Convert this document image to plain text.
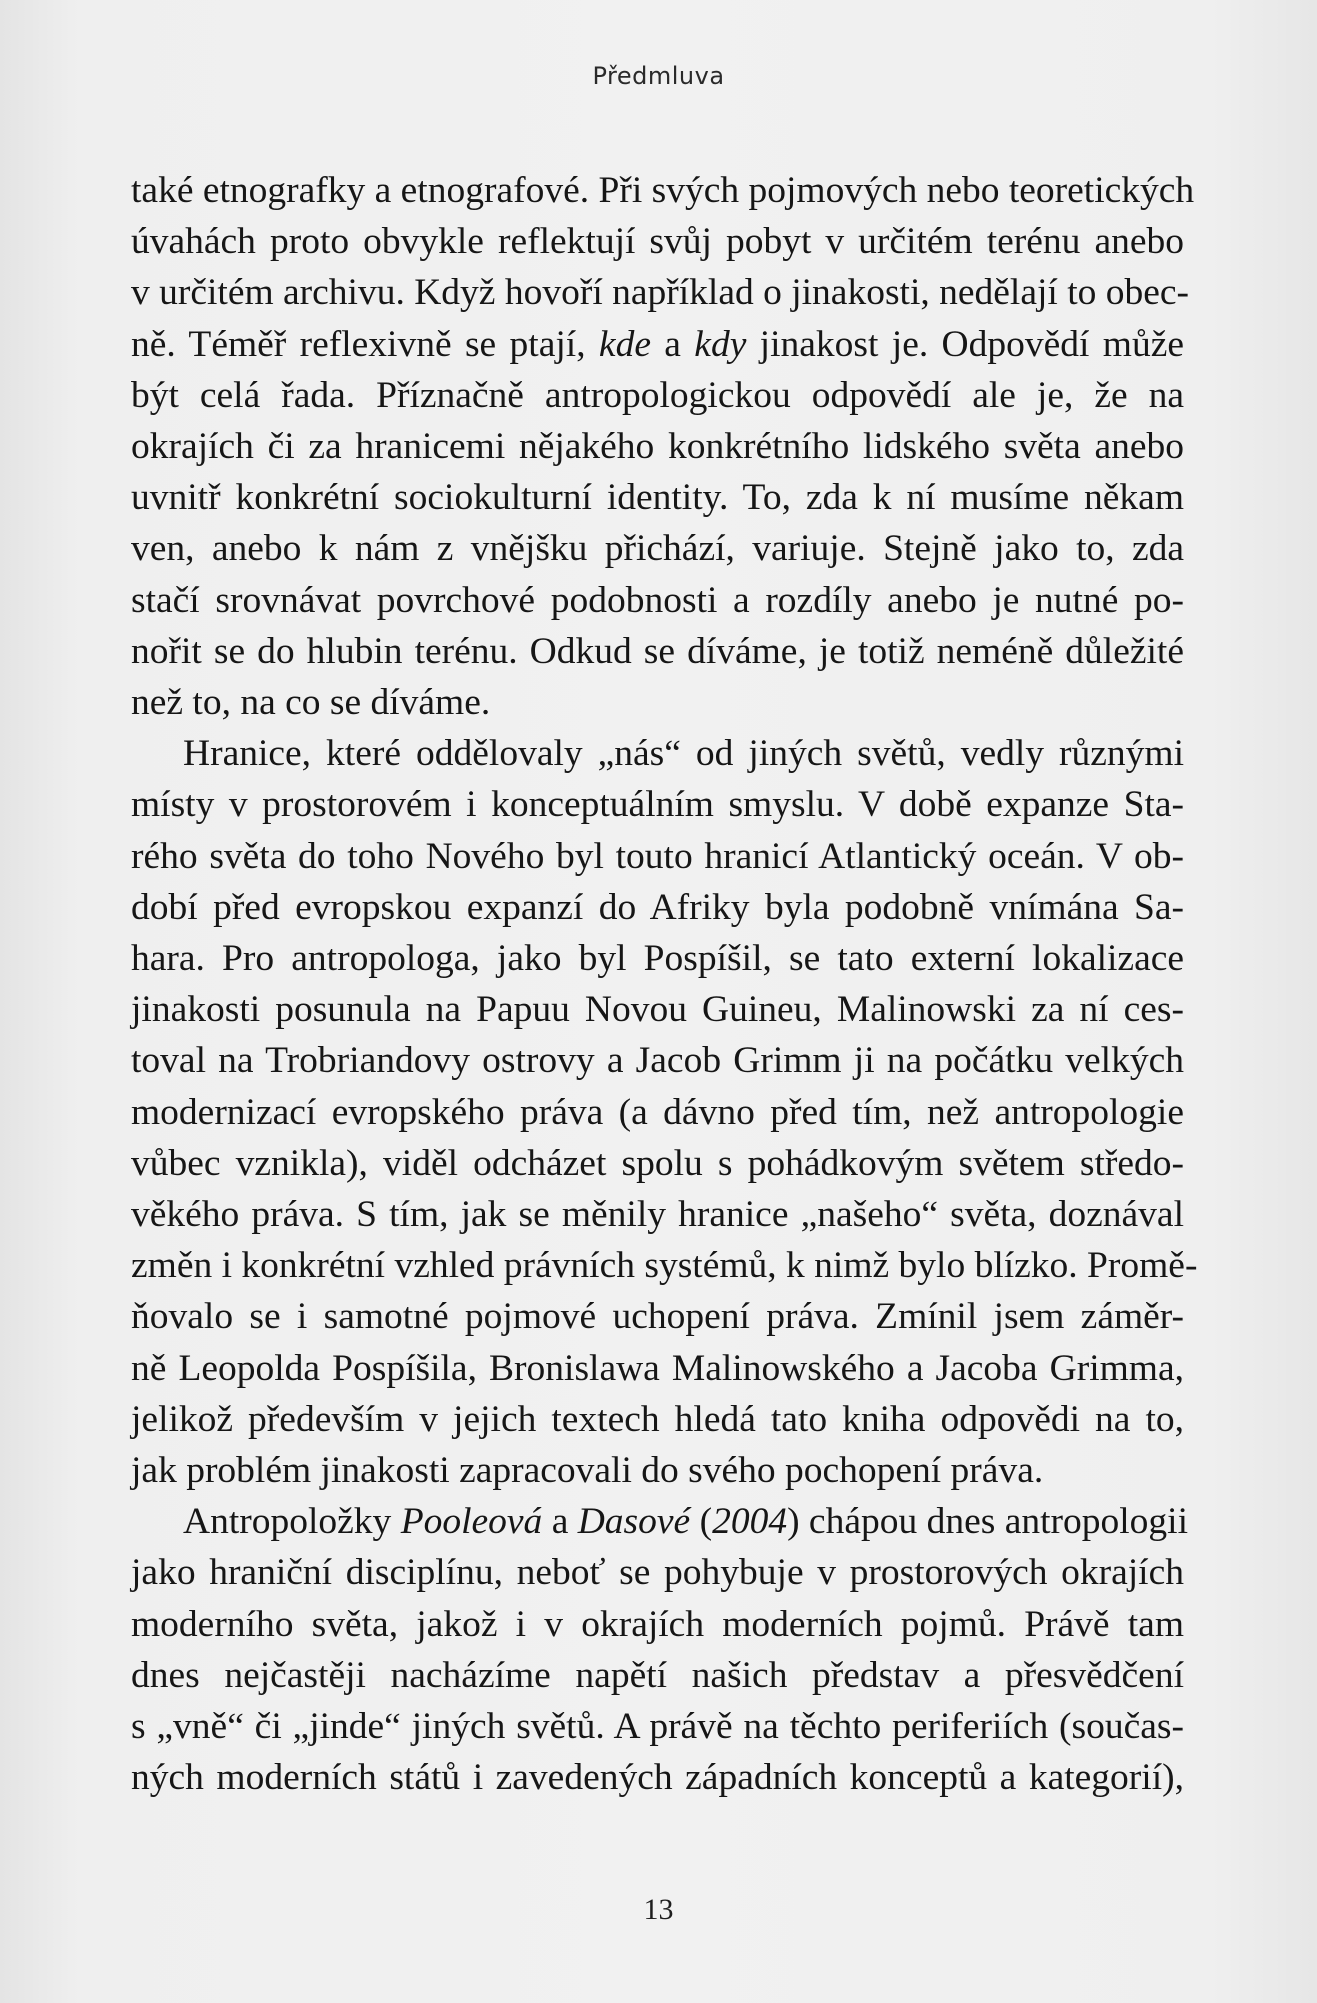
Předmluva
také etnografky a etnografové. Při svých pojmových nebo teoretických
úvahách proto obvykle reflektují svůj pobyt v určitém terénu anebo
v určitém archivu. Když hovoří například o jinakosti, nedělají to obec-
ně. Téměř reflexivně se ptají, kde a kdy jinakost je. Odpovědí může
být celá řada. Příznačně antropologickou odpovědí ale je, že na
okrajích či za hranicemi nějakého konkrétního lidského světa anebo
uvnitř konkrétní sociokulturní identity. To, zda k ní musíme někam
ven, anebo k nám z vnějšku přichází, variuje. Stejně jako to, zda
stačí srovnávat povrchové podobnosti a rozdíly anebo je nutné po-
nořit se do hlubin terénu. Odkud se díváme, je totiž neméně důležité
než to, na co se díváme.
Hranice, které oddělovaly „nás“ od jiných světů, vedly různými
místy v prostorovém i konceptuálním smyslu. V době expanze Sta-
rého světa do toho Nového byl touto hranicí Atlantický oceán. V ob-
dobí před evropskou expanzí do Afriky byla podobně vnímána Sa-
hara. Pro antropologa, jako byl Pospíšil, se tato externí lokalizace
jinakosti posunula na Papuu Novou Guineu, Malinowski za ní ces-
toval na Trobriandovy ostrovy a Jacob Grimm ji na počátku velkých
modernizací evropského práva (a dávno před tím, než antropologie
vůbec vznikla), viděl odcházet spolu s pohádkovým světem středo-
věkého práva. S tím, jak se měnily hranice „našeho“ světa, doznával
změn i konkrétní vzhled právních systémů, k nimž bylo blízko. Promě-
ňovalo se i samotné pojmové uchopení práva. Zmínil jsem záměr-
ně Leopolda Pospíšila, Bronislawa Malinowského a Jacoba Grimma,
jelikož především v jejich textech hledá tato kniha odpovědi na to,
jak problém jinakosti zapracovali do svého pochopení práva.
Antropoložky Pooleová a Dasové (2004) chápou dnes antropologii
jako hraniční disciplínu, neboť se pohybuje v prostorových okrajích
moderního světa, jakož i v okrajích moderních pojmů. Právě tam
dnes nejčastěji nacházíme napětí našich představ a přesvědčení
s „vně“ či „jinde“ jiných světů. A právě na těchto periferiích (součas-
ných moderních států i zavedených západních konceptů a kategorií),
13
